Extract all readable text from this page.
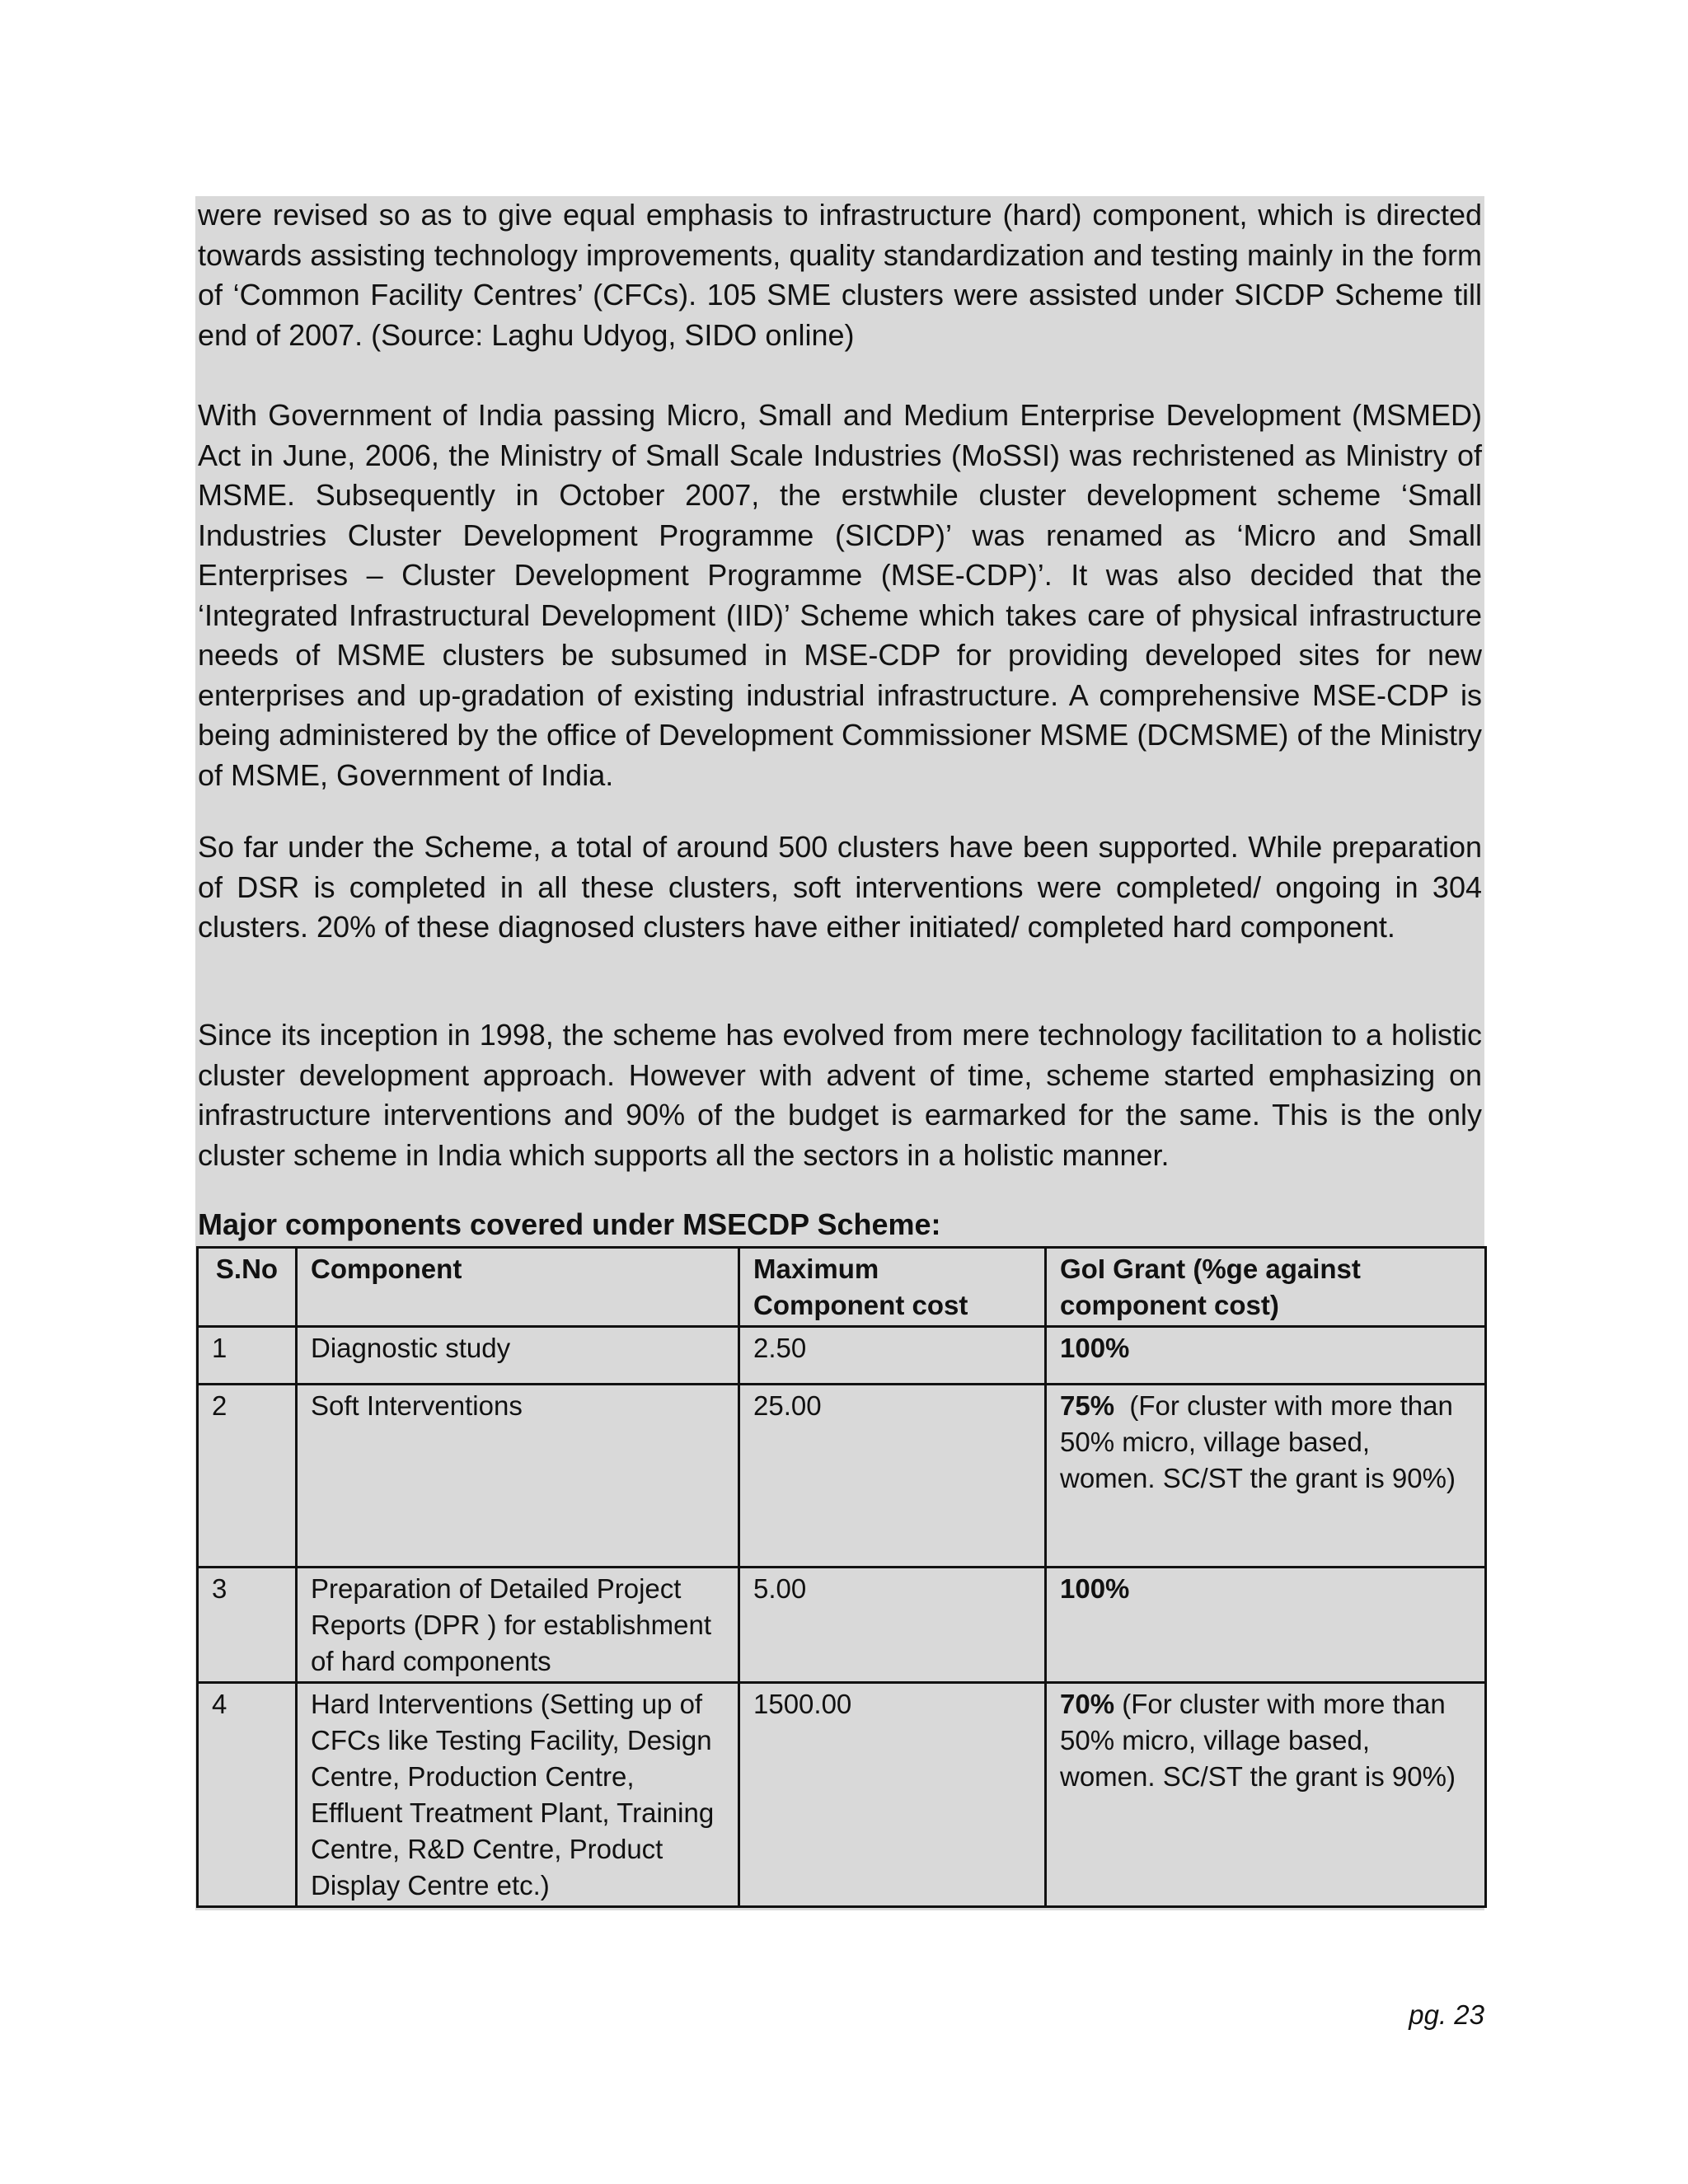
were revised so as to give equal emphasis to infrastructure (hard) component, which is directed towards assisting technology improvements, quality standardization and testing mainly in the form of ‘Common Facility Centres’ (CFCs). 105 SME clusters were assisted under SICDP Scheme till end of 2007. (Source: Laghu Udyog, SIDO online)

With Government of India passing Micro, Small and Medium Enterprise Development (MSMED) Act in June, 2006, the Ministry of Small Scale Industries (MoSSI) was rechristened as Ministry of MSME. Subsequently in October 2007, the erstwhile cluster development scheme ‘Small Industries Cluster Development Programme (SICDP)’ was renamed as ‘Micro and Small Enterprises – Cluster Development Programme (MSE-CDP)’. It was also decided that the ‘Integrated Infrastructural Development (IID)’ Scheme which takes care of physical infrastructure needs of MSME clusters be subsumed in MSE-CDP for providing developed sites for new enterprises and up-gradation of existing industrial infrastructure. A comprehensive MSE-CDP is being administered by the office of Development Commissioner MSME (DCMSME) of the Ministry of MSME, Government of India.

So far under the Scheme, a total of around 500 clusters have been supported. While preparation of DSR is completed in all these clusters, soft interventions were completed/ ongoing in 304 clusters. 20% of these diagnosed clusters have either initiated/ completed hard component.

Since its inception in 1998, the scheme has evolved from mere technology facilitation to a holistic cluster development approach. However with advent of time, scheme started emphasizing on infrastructure interventions and 90% of the budget is earmarked for the same. This is the only cluster scheme in India which supports all the sectors in a holistic manner.

Major components covered under MSECDP Scheme:
S.No	Component	Maximum Component cost	GoI Grant (%ge against component cost)
1	Diagnostic study	2.50	100%
2	Soft Interventions	25.00	75% (For cluster with more than 50% micro, village based, women. SC/ST the grant is 90%)
3	Preparation of Detailed Project Reports (DPR ) for establishment of hard components	5.00	100%
4	Hard Interventions (Setting up of CFCs like Testing Facility, Design Centre, Production Centre, Effluent Treatment Plant, Training Centre, R&D Centre, Product Display Centre etc.)	1500.00	70% (For cluster with more than 50% micro, village based, women. SC/ST the grant is 90%)
pg. 23
